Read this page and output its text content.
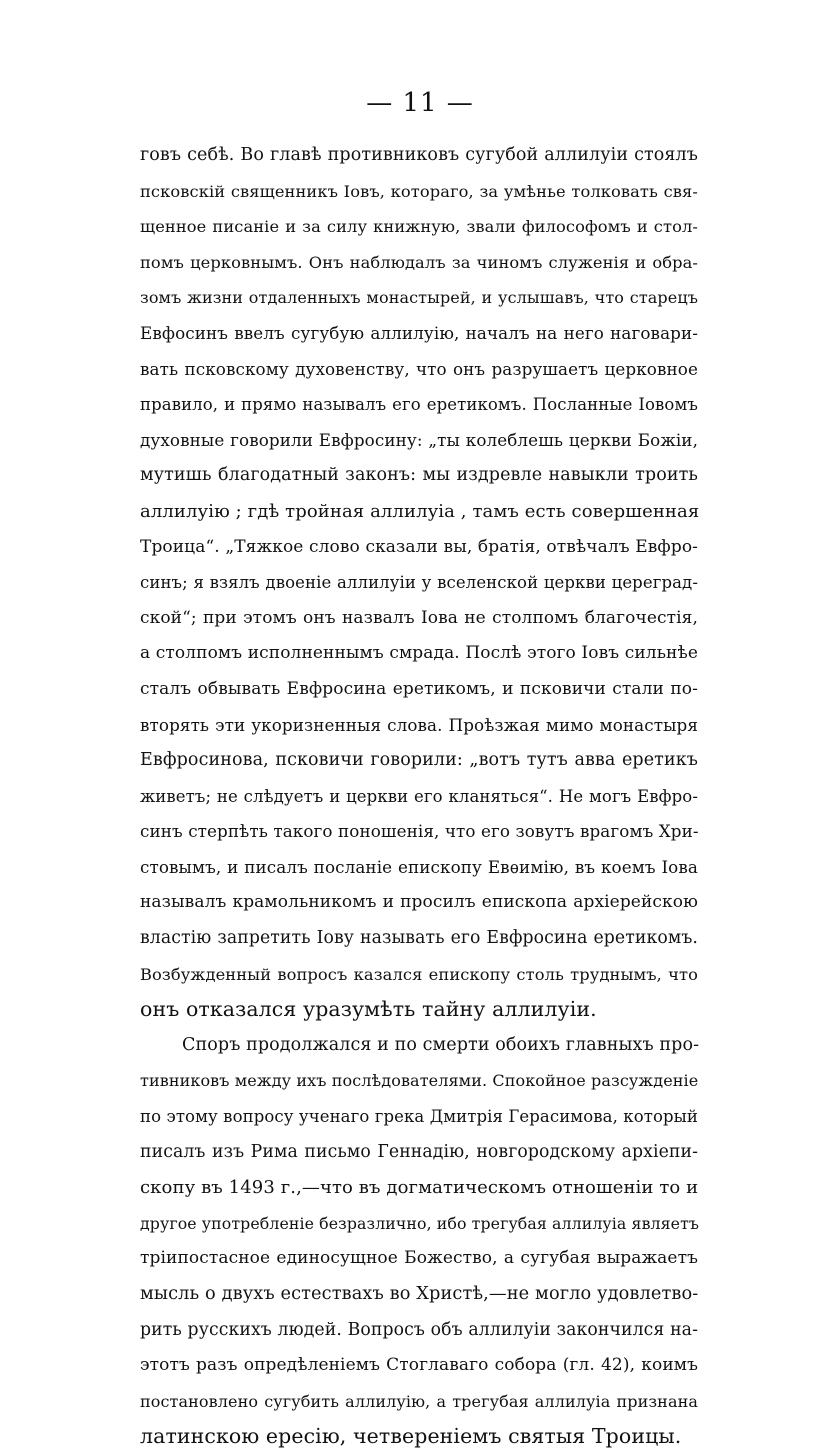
— 11 —
говъ себѣ. Во главѣ противниковъ сугубой аллилуіи стоялъ
псковскій священникъ Іовъ, котораго, за умѣнье толковать свя-
щенное писаніе и за силу книжную, звали философомъ и стол-
помъ церковнымъ. Онъ наблюдалъ за чиномъ служенія и обра-
зомъ жизни отдаленныхъ монастырей, и услышавъ, что старецъ
Евфосинъ ввелъ сугубую аллилуію, началъ на него наговари-
вать псковскому духовенству, что онъ разрушаетъ церковное
правило, и прямо называлъ его еретикомъ. Посланные Іовомъ
духовные говорили Евфросину: „ты колеблешь церкви Божіи,
мутишь благодатный законъ: мы издревле навыкли троить
аллилуію ; гдѣ тройная аллилуіа , тамъ есть совершенная
Троица“. „Тяжкое слово сказали вы, братія, отвѣчалъ Евфро-
синъ; я взялъ двоеніе аллилуіи у вселенской церкви цереград-
ской“; при этомъ онъ назвалъ Іова не столпомъ благочестія,
а столпомъ исполненнымъ смрада. Послѣ этого Іовъ сильнѣе
сталъ обвывать Евфросина еретикомъ, и псковичи стали по-
вторять эти укоризненныя слова. Проѣзжая мимо монастыря
Евфросинова, псковичи говорили: „вотъ тутъ авва еретикъ
живетъ; не слѣдуетъ и церкви его кланяться“. Не могъ Евфро-
синъ стерпѣть такого поношенія, что его зовутъ врагомъ Хри-
стовымъ, и писалъ посланіе епископу Евѳимію, въ коемъ Іова
называлъ крамольникомъ и просилъ епископа архіерейскою
властію запретить Іову называть его Евфросина еретикомъ.
Возбужденный вопросъ казался епископу столь труднымъ, что
онъ отказался уразумѣть тайну аллилуіи.
Споръ продолжался и по смерти обоихъ главныхъ про-
тивниковъ между ихъ послѣдователями. Спокойное разсужденіе
по этому вопросу ученаго грека Дмитрія Герасимова, который
писалъ изъ Рима письмо Геннадію, новгородскому архіепи-
скопу въ 1493 г.,—что въ догматическомъ отношеніи то и
другое употребленіе безразлично, ибо трегубая аллилуіа являетъ
тріипостасное единосущное Божество, а сугубая выражаетъ
мысль о двухъ естествахъ во Христѣ,—не могло удовлетво-
рить русскихъ людей. Вопросъ объ аллилуіи закончился на-
этотъ разъ опредѣленіемъ Стоглаваго собора (гл. 42), коимъ
постановлено сугубить аллилуію, а трегубая аллилуіа признана
латинскою ересію, четвереніемъ святыя Троицы.
